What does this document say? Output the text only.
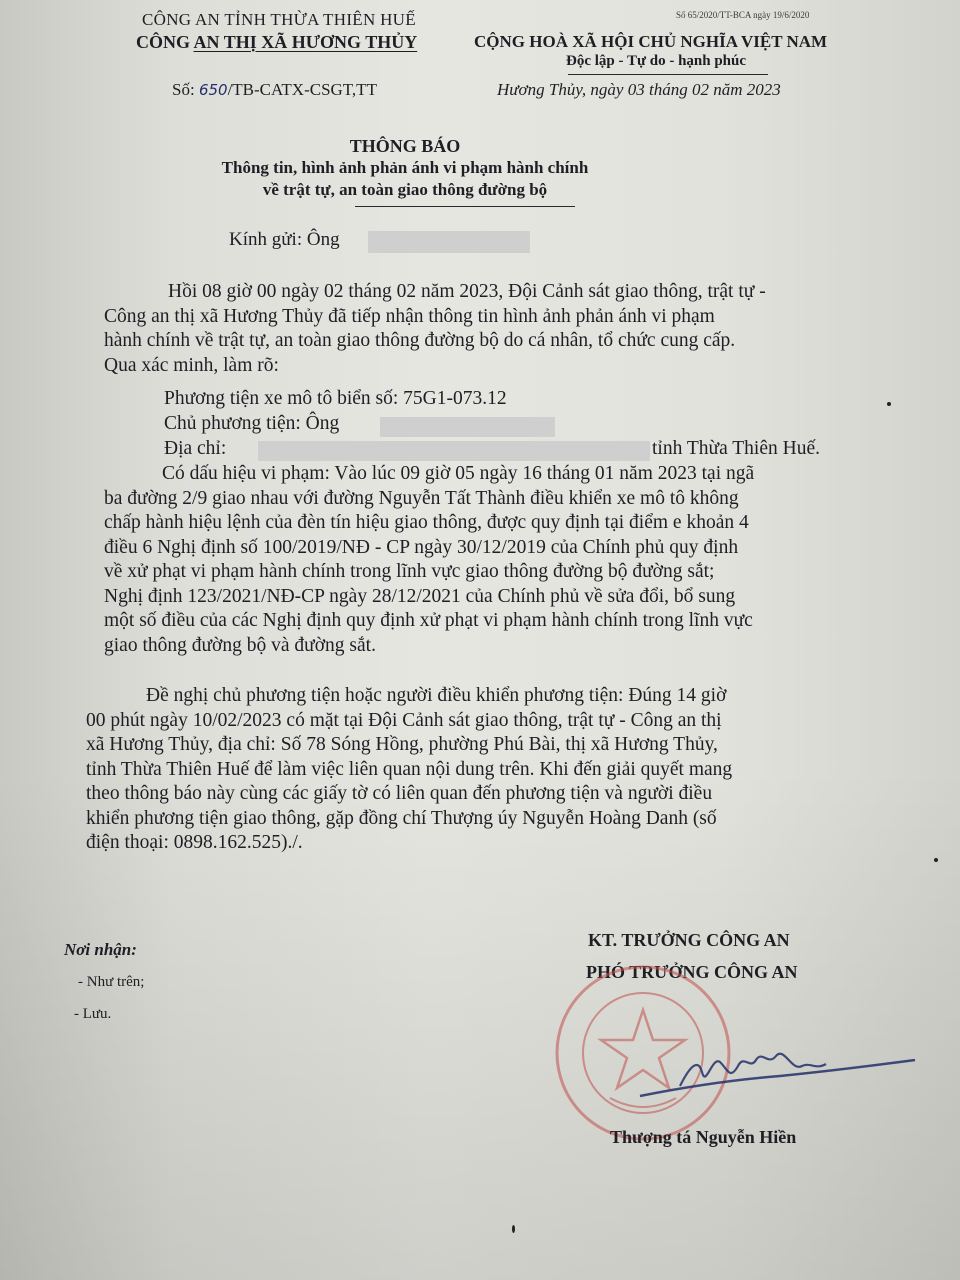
Số 65/2020/TT-BCA ngày 19/6/2020
CÔNG AN TỈNH THỪA THIÊN HUẾ
CÔNG AN THỊ XÃ HƯƠNG THỦY	CỘNG HOÀ XÃ HỘI CHỦ NGHĨA VIỆT NAM
Độc lập - Tự do - hạnh phúc
Số: 650/TB-CATX-CSGT,TT	Hương Thủy, ngày 03 tháng 02 năm 2023
THÔNG BÁO
Thông tin, hình ảnh phản ánh vi phạm hành chính
về trật tự, an toàn giao thông đường bộ
Kính gửi: Ông
Hồi 08 giờ 00 ngày 02 tháng 02 năm 2023, Đội Cảnh sát giao thông, trật tự -
Công an thị xã Hương Thủy đã tiếp nhận thông tin hình ảnh phản ánh vi phạm
hành chính về trật tự, an toàn giao thông đường bộ do cá nhân, tổ chức cung cấp.
Qua xác minh, làm rõ:
Phương tiện xe mô tô biển số: 75G1-073.12
Chủ phương tiện: Ông
Địa chỉ:	tỉnh Thừa Thiên Huế.
Có dấu hiệu vi phạm: Vào lúc 09 giờ 05 ngày 16 tháng 01 năm 2023 tại ngã
ba đường 2/9 giao nhau với đường Nguyễn Tất Thành điều khiển xe mô tô không
chấp hành hiệu lệnh của đèn tín hiệu giao thông, được quy định tại điểm e khoản 4
điều 6 Nghị định số 100/2019/NĐ - CP ngày 30/12/2019 của Chính phủ quy định
về xử phạt vi phạm hành chính trong lĩnh vực giao thông đường bộ đường sắt;
Nghị định 123/2021/NĐ-CP ngày 28/12/2021 của Chính phủ về sửa đổi, bổ sung
một số điều của các Nghị định quy định xử phạt vi phạm hành chính trong lĩnh vực
giao thông đường bộ và đường sắt.
Đề nghị chủ phương tiện hoặc người điều khiển phương tiện: Đúng 14 giờ
00 phút ngày 10/02/2023 có mặt tại Đội Cảnh sát giao thông, trật tự - Công an thị
xã Hương Thủy, địa chỉ: Số 78 Sóng Hồng, phường Phú Bài, thị xã Hương Thủy,
tỉnh Thừa Thiên Huế để làm việc liên quan nội dung trên. Khi đến giải quyết mang
theo thông báo này cùng các giấy tờ có liên quan đến phương tiện và người điều
khiển phương tiện giao thông, gặp đồng chí Thượng úy Nguyễn Hoàng Danh (số
điện thoại: 0898.162.525)./.
Nơi nhận:
- Như trên;
- Lưu.
KT. TRƯỞNG CÔNG AN
PHÓ TRƯỞNG CÔNG AN
Thượng tá Nguyễn Hiền
